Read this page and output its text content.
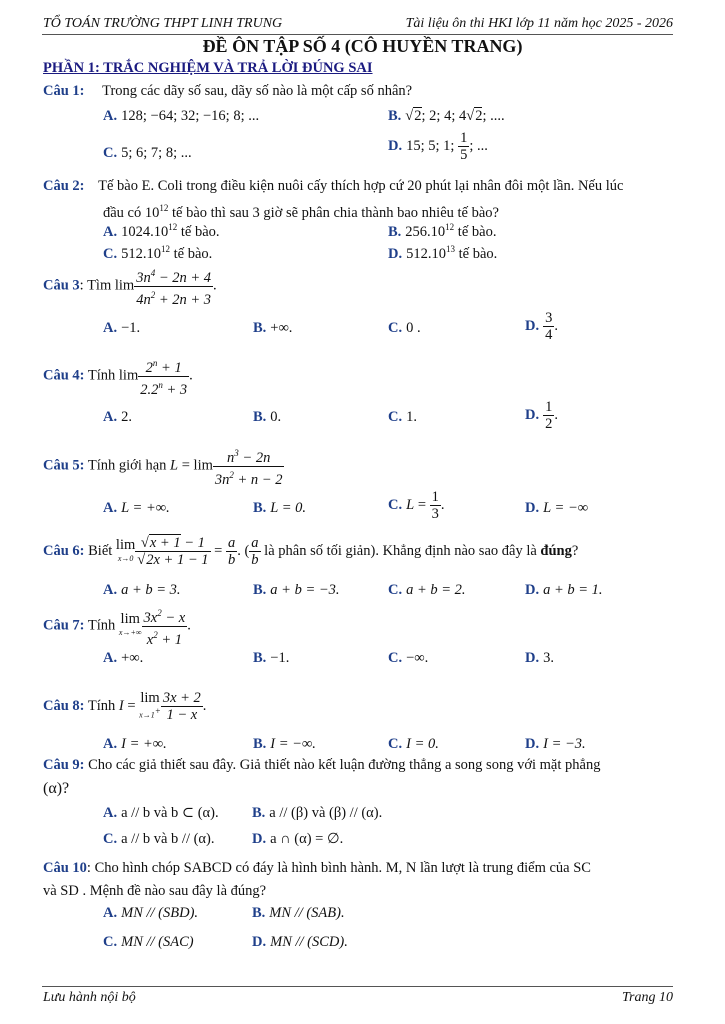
TỔ TOÁN TRƯỜNG THPT LINH TRUNG	Tài liệu ôn thi HKI lớp 11 năm học 2025 - 2026
ĐỀ ÔN TẬP SỐ 4 (CÔ HUYỀN TRANG)
PHẦN 1: TRẮC NGHIỆM VÀ TRẢ LỜI ĐÚNG SAI
Câu 1: Trong các dãy số sau, dãy số nào là một cấp số nhân?
A. 128; −64; 32; −16; 8; ...	B. √2; 2; 4; 4√2; ....
C. 5; 6; 7; 8; ...	D. 15; 5; 1; $\frac{1}{5}$ ; ...
Câu 2: Tế bào E. Coli trong điều kiện nuôi cấy thích hợp cứ 20 phút lại nhân đôi một lần. Nếu lúc
đầu có $10^{12}$ tế bào thì sau 3 giờ sẽ phân chia thành bao nhiêu tế bào?
A. 1024.10$^{12}$ tế bào.	B. 256.10$^{12}$ tế bào.
C. 512.10$^{12}$ tế bào.	D. 512.10$^{13}$ tế bào.
Câu 3: Tìm $\lim \frac{3n^4 - 2n + 4}{4n^2 + 2n + 3}$ .
A. −1.	B. +∞.	C. 0 .	D. $\frac{3}{4}$ .
Câu 4: Tính $\lim \frac{2^n + 1}{2.2^n + 3}$ .
A. 2.	B. 0.	C. 1.	D. $\frac{1}{2}$ .
Câu 5: Tính giới hạn $L = \lim \frac{n^3 - 2n}{3n^2 + n - 2}$
A. L = +∞.	B. L = 0.	C. $L = \frac{1}{3}$ .	D. L = −∞
Câu 6: Biết lim
$x\to 0 \frac{√x + 1 - 1}{√2x + 1 - 1} = \frac{a}{b}$ . ( $\frac{a}{b}$ là phân số tối giản). Khẳng định nào sao đây là đúng?
A. a + b = 3.	B. a + b = −3.	C. a + b = 2.	D. a + b = 1.
Câu 7: Tính lim
$x\to+\infty \frac{3x^2 - x}{x^2 + 1}$ .
A. +∞.	B. −1.	C. −∞.	D. 3.
Câu 8: Tính I = lim
$x\to 1^+ \frac{3x + 2}{1 - x}$ .
A. I = +∞.	B. I = −∞.	C. I = 0.	D. I = −3.
Câu 9: Cho các giả thiết sau đây. Giả thiết nào kết luận đường thẳng a song song với mặt phẳng
(α)?
A. a // b và b ⊂ (α). B. a // (β) và (β) // (α).
C. a // b và b // (α).	D. a ∩ (α) = ∅.
Câu 10: Cho hình chóp SABCD có đáy là hình bình hành. M, N lần lượt là trung điểm của SC
và SD . Mệnh đề nào sau đây là đúng?
A. MN // (SBD).	B. MN // (SAB).
C. MN // (SAC)	D. MN // (SCD).
Lưu hành nội bộ	Trang 10
